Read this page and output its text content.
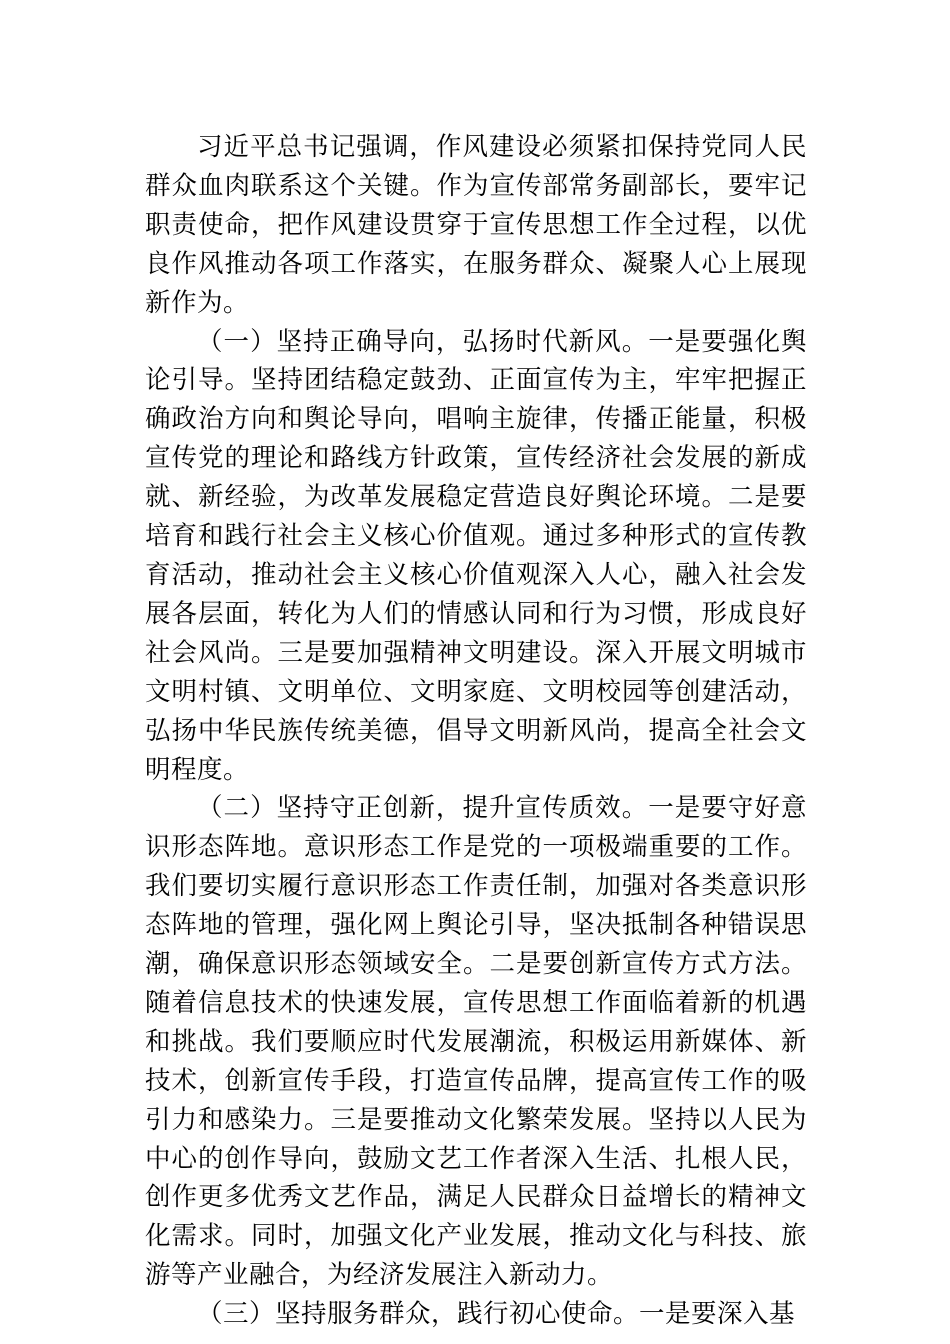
习近平总书记强调，作风建设必须紧扣保持党同人民群众血肉联系这个关键。作为宣传部常务副部长，要牢记职责使命，把作风建设贯穿于宣传思想工作全过程，以优良作风推动各项工作落实，在服务群众、凝聚人心上展现新作为。

（一）坚持正确导向，弘扬时代新风。一是要强化舆论引导。坚持团结稳定鼓劲、正面宣传为主，牢牢把握正确政治方向和舆论导向，唱响主旋律，传播正能量，积极宣传党的理论和路线方针政策，宣传经济社会发展的新成就、新经验，为改革发展稳定营造良好舆论环境。二是要培育和践行社会主义核心价值观。通过多种形式的宣传教育活动，推动社会主义核心价值观深入人心，融入社会发展各层面，转化为人们的情感认同和行为习惯，形成良好社会风尚。三是要加强精神文明建设。深入开展文明城市文明村镇、文明单位、文明家庭、文明校园等创建活动，弘扬中华民族传统美德，倡导文明新风尚，提高全社会文明程度。

（二）坚持守正创新，提升宣传质效。一是要守好意识形态阵地。意识形态工作是党的一项极端重要的工作。我们要切实履行意识形态工作责任制，加强对各类意识形态阵地的管理，强化网上舆论引导，坚决抵制各种错误思潮，确保意识形态领域安全。二是要创新宣传方式方法。随着信息技术的快速发展，宣传思想工作面临着新的机遇和挑战。我们要顺应时代发展潮流，积极运用新媒体、新技术，创新宣传手段，打造宣传品牌，提高宣传工作的吸引力和感染力。三是要推动文化繁荣发展。坚持以人民为中心的创作导向，鼓励文艺工作者深入生活、扎根人民，创作更多优秀文艺作品，满足人民群众日益增长的精神文化需求。同时，加强文化产业发展，推动文化与科技、旅游等产业融合，为经济发展注入新动力。

（三）坚持服务群众，践行初心使命。一是要深入基
